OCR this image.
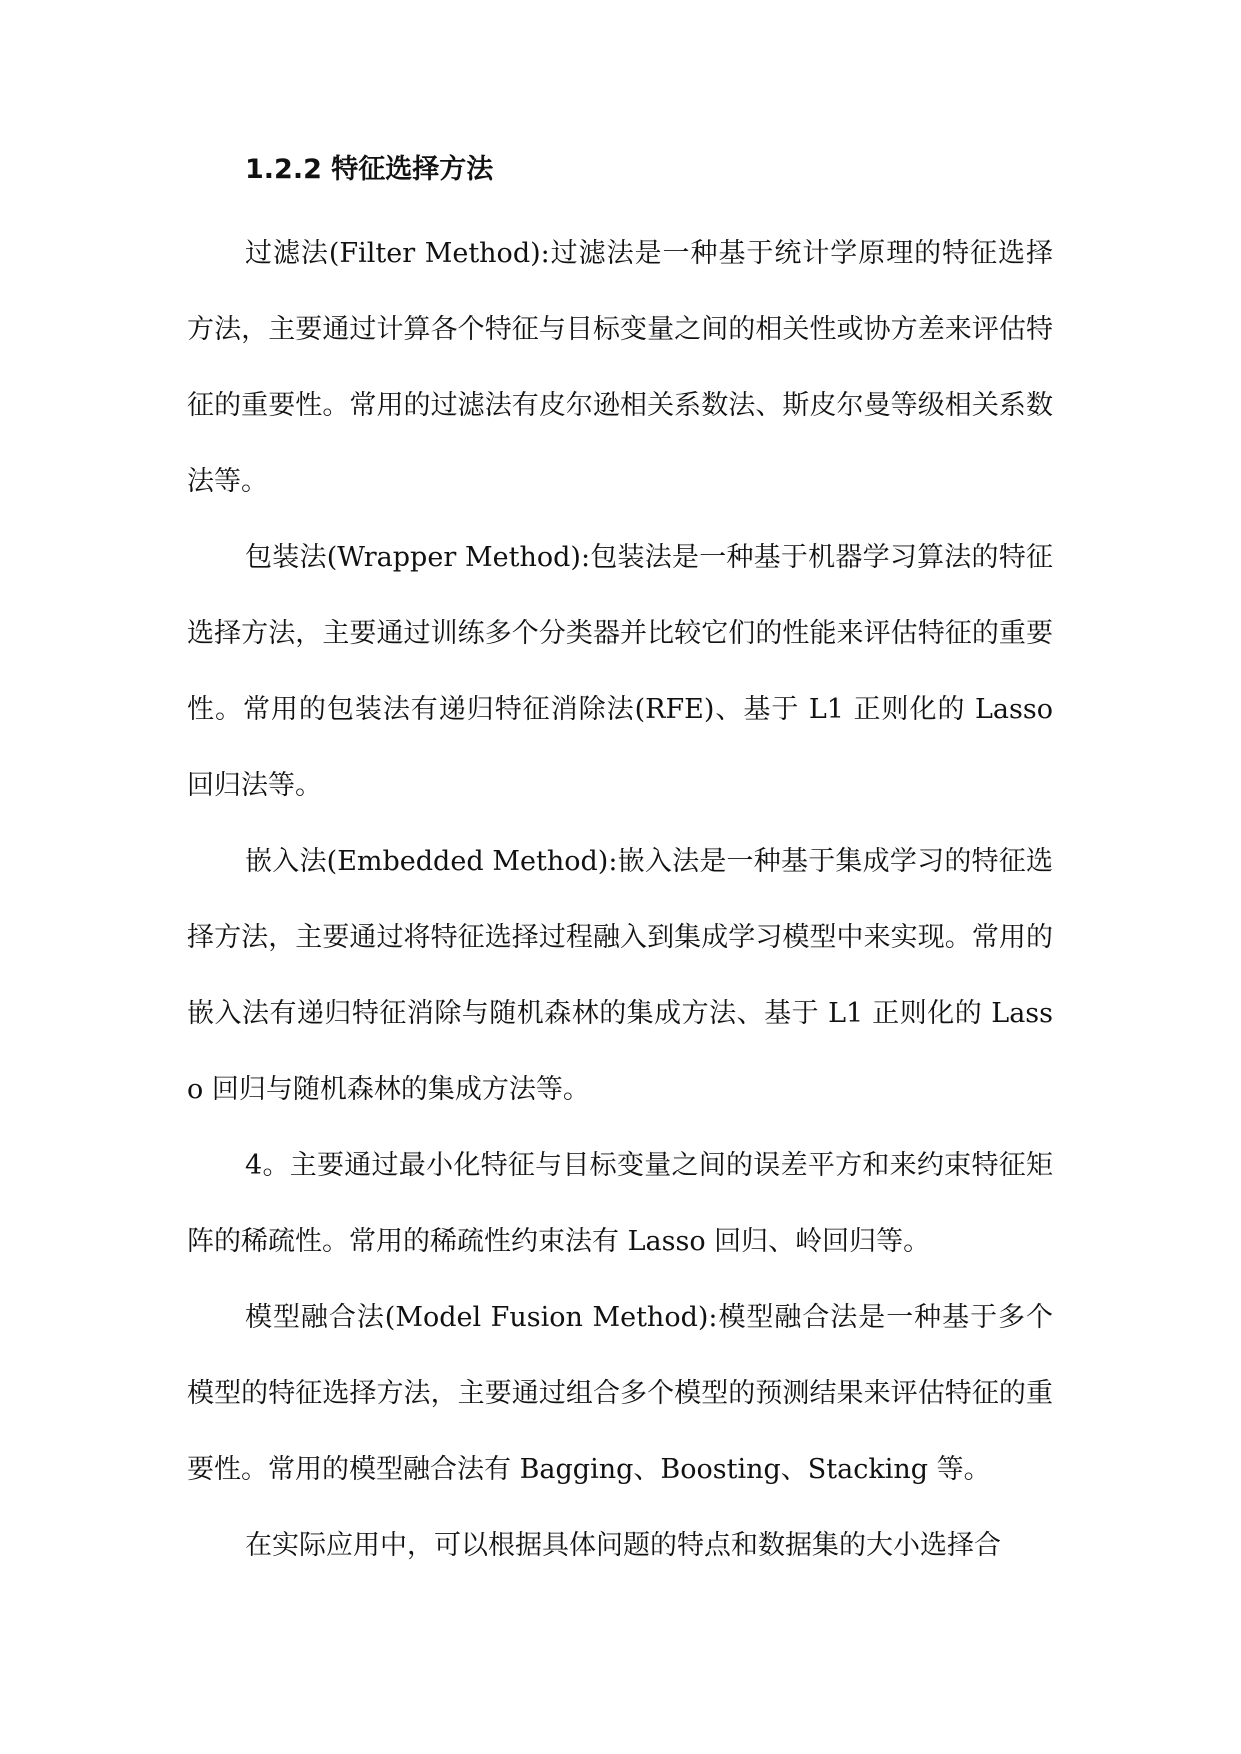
1.2.2 特征选择方法

过滤法(Filter Method):过滤法是一种基于统计学原理的特征选择方法，主要通过计算各个特征与目标变量之间的相关性或协方差来评估特征的重要性。常用的过滤法有皮尔逊相关系数法、斯皮尔曼等级相关系数法等。

包装法(Wrapper Method):包装法是一种基于机器学习算法的特征选择方法，主要通过训练多个分类器并比较它们的性能来评估特征的重要性。常用的包装法有递归特征消除法(RFE)、基于 L1 正则化的 Lasso 回归法等。

嵌入法(Embedded Method):嵌入法是一种基于集成学习的特征选择方法，主要通过将特征选择过程融入到集成学习模型中来实现。常用的嵌入法有递归特征消除与随机森林的集成方法、基于 L1 正则化的 Lasso 回归与随机森林的集成方法等。

4。主要通过最小化特征与目标变量之间的误差平方和来约束特征矩阵的稀疏性。常用的稀疏性约束法有 Lasso 回归、岭回归等。

模型融合法(Model Fusion Method):模型融合法是一种基于多个模型的特征选择方法，主要通过组合多个模型的预测结果来评估特征的重要性。常用的模型融合法有 Bagging、Boosting、Stacking 等。

在实际应用中，可以根据具体问题的特点和数据集的大小选择合
